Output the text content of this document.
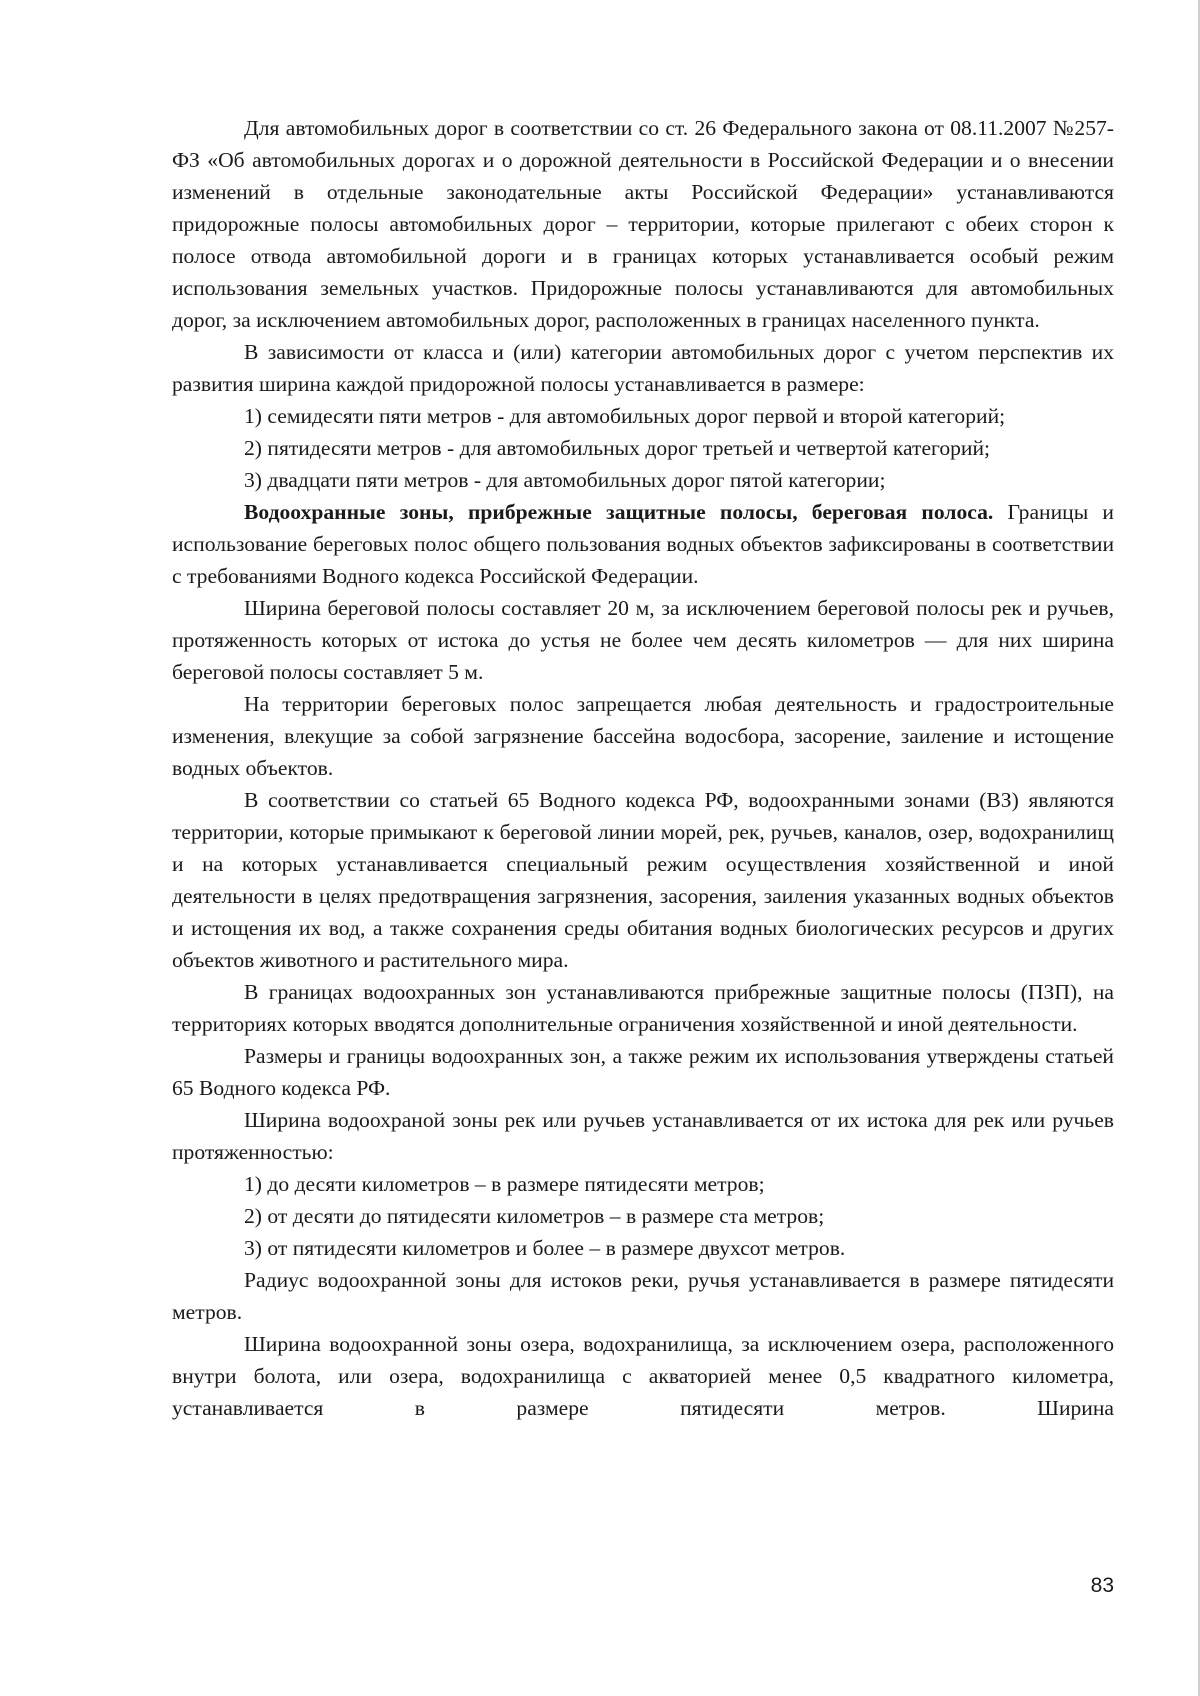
Для автомобильных дорог в соответствии со ст. 26 Федерального закона от 08.11.2007 №257-ФЗ «Об автомобильных дорогах и о дорожной деятельности в Российской Федерации и о внесении изменений в отдельные законодательные акты Российской Федерации» устанавливаются придорожные полосы автомобильных дорог – территории, которые прилегают с обеих сторон к полосе отвода автомобильной дороги и в границах которых устанавливается особый режим использования земельных участков. Придорожные полосы устанавливаются для автомобильных дорог, за исключением автомобильных дорог, расположенных в границах населенного пункта.

В зависимости от класса и (или) категории автомобильных дорог с учетом перспектив их развития ширина каждой придорожной полосы устанавливается в размере:

1) семидесяти пяти метров - для автомобильных дорог первой и второй категорий;

2) пятидесяти метров - для автомобильных дорог третьей и четвертой категорий;

3) двадцати пяти метров - для автомобильных дорог пятой категории;

Водоохранные зоны, прибрежные защитные полосы, береговая полоса. Границы и использование береговых полос общего пользования водных объектов зафиксированы в соответствии с требованиями Водного кодекса Российской Федерации.

Ширина береговой полосы составляет 20 м, за исключением береговой полосы рек и ручьев, протяженность которых от истока до устья не более чем десять километров — для них ширина береговой полосы составляет 5 м.

На территории береговых полос запрещается любая деятельность и градостроительные изменения, влекущие за собой загрязнение бассейна водосбора, засорение, заиление и истощение водных объектов.

В соответствии со статьей 65 Водного кодекса РФ, водоохранными зонами (ВЗ) являются территории, которые примыкают к береговой линии морей, рек, ручьев, каналов, озер, водохранилищ и на которых устанавливается специальный режим осуществления хозяйственной и иной деятельности в целях предотвращения загрязнения, засорения, заиления указанных водных объектов и истощения их вод, а также сохранения среды обитания водных биологических ресурсов и других объектов животного и растительного мира.

В границах водоохранных зон устанавливаются прибрежные защитные полосы (ПЗП), на территориях которых вводятся дополнительные ограничения хозяйственной и иной деятельности.

Размеры и границы водоохранных зон, а также режим их использования утверждены статьей 65 Водного кодекса РФ.

Ширина водоохраной зоны рек или ручьев устанавливается от их истока для рек или ручьев протяженностью:

1) до десяти километров – в размере пятидесяти метров;

2) от десяти до пятидесяти километров – в размере ста метров;

3) от пятидесяти километров и более – в размере двухсот метров.

Радиус водоохранной зоны для истоков реки, ручья устанавливается в размере пятидесяти метров.

Ширина водоохранной зоны озера, водохранилища, за исключением озера, расположенного внутри болота, или озера, водохранилища с акваторией менее 0,5 квадратного километра, устанавливается в размере пятидесяти метров. Ширина

83
